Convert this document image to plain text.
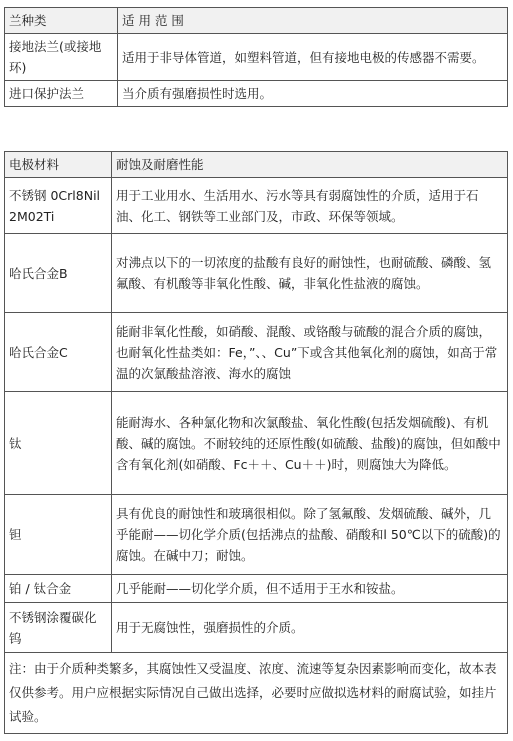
兰种类	适 用 范 围
接地法兰(或接地环)	适用于非导体管道，如塑料管道，但有接地电极的传感器不需要。
进口保护法兰	当介质有强磨损性时选用。
电极材料	耐蚀及耐磨性能
不锈钢 0Crl8Nil2M02Ti	用于工业用水、生活用水、污水等具有弱腐蚀性的介质，适用于石油、化工、钢铁等工业部门及，市政、环保等领域。
哈氏合金B	对沸点以下的一切浓度的盐酸有良好的耐蚀性，也耐硫酸、磷酸、氢氟酸、有机酸等非氧化性酸、碱，非氧化性盐液的腐蚀。
哈氏合金C	能耐非氧化性酸，如硝酸、混酸、或铬酸与硫酸的混合介质的腐蚀，也耐氧化性盐类如：Fe，”、、Cu”下或含其他氧化剂的腐蚀，如高于常温的次氯酸盐溶液、海水的腐蚀
钛	能耐海水、各种氯化物和次氯酸盐、氧化性酸(包括发烟硫酸)、有机酸、碱的腐蚀。不耐较纯的还原性酸(如硫酸、盐酸)的腐蚀，但如酸中含有氧化剂(如硝酸、Fc＋＋、Cu＋＋)时，则腐蚀大为降低。
钽	具有优良的耐蚀性和玻璃很相似。除了氢氟酸、发烟硫酸、碱外，几乎能耐——切化学介质(包括沸点的盐酸、硝酸和l 50℃以下的硫酸)的腐蚀。在碱中刀；耐蚀。
铂 / 钛合金	几乎能耐——切化学介质，但不适用于王水和铵盐。
不锈钢涂覆碳化钨	用于无腐蚀性，强磨损性的介质。
注：由于介质种类繁多，其腐蚀性又受温度、浓度、流速等复杂因素影响而变化，故本表仅供参考。用户应根据实际情况自己做出选择，必要时应做拟选材料的耐腐试验，如挂片试验。	
